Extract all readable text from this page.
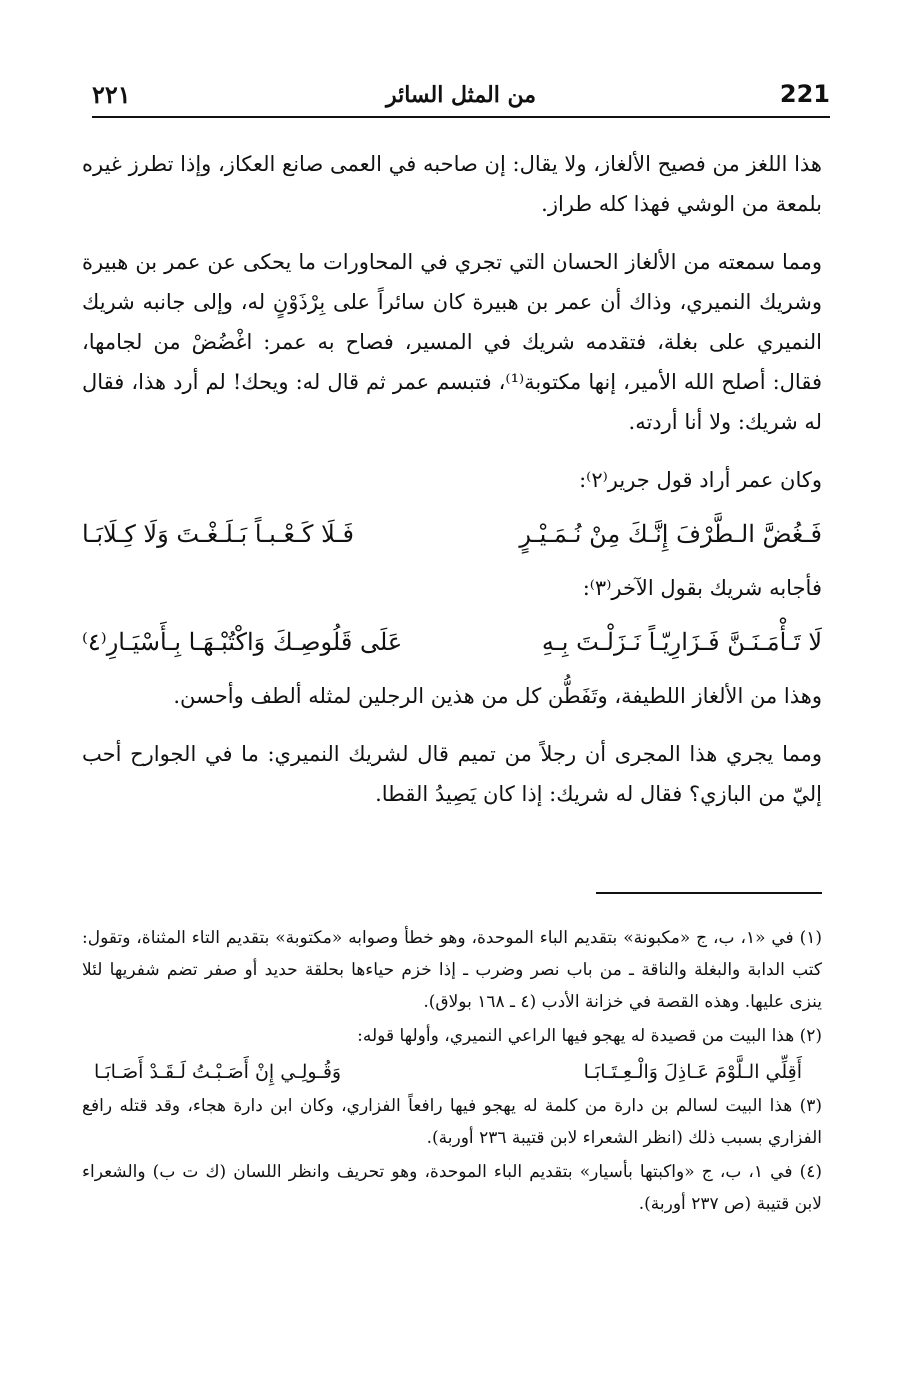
٢٢١	من المثل السائر	221

هذا اللغز من فصيح الألغاز، ولا يقال: إن صاحبه في العمى صانع العكاز، وإذا تطرز غيره بلمعة من الوشي فهذا كله طراز.

ومما سمعته من الألغاز الحسان التي تجري في المحاورات ما يحكى عن عمر بن هبيرة وشريك النميري، وذاك أن عمر بن هبيرة كان سائراً على بِرْذَوْنٍ له، وإلى جانبه شريك النميري على بغلة، فتقدمه شريك في المسير، فصاح به عمر: اغْضُضْ من لجامها، فقال: أصلح الله الأمير، إنها مكتوبة⁽¹⁾، فتبسم عمر ثم قال له: ويحك! لم أرد هذا، فقال له شريك: ولا أنا أردته.

وكان عمر أراد قول جرير⁽٢⁾:

فَـغُضَّ الـطَّرْفَ إِنَّـكَ مِنْ نُـمَـيْـرٍ
فَـلَا كَـعْـبـاً بَـلَـغْـتَ وَلَا كِـلَابَـا

فأجابه شريك بقول الآخر⁽٣⁾:

لَا تَـأْمَـنَـنَّ فَـزَارِيّـاً نَـزَلْـتَ بِـهِ
عَلَى قَلُوصِـكَ وَاكْتُبْـهَـا بِـأَسْيَـارِ⁽٤⁾

وهذا من الألغاز اللطيفة، وتَفَطُّن كل من هذين الرجلين لمثله ألطف وأحسن.

ومما يجري هذا المجرى أن رجلاً من تميم قال لشريك النميري: ما في الجوارح أحب إليّ من البازي؟ فقال له شريك: إذا كان يَصِيدُ القطا.

(١) في «١، ب، ج «مكبونة» بتقديم الباء الموحدة، وهو خطأ وصوابه «مكتوبة» بتقديم التاء المثناة، وتقول: كتب الدابة والبغلة والناقة ـ من باب نصر وضرب ـ إذا خزم حياءها بحلقة حديد أو صفر تضم شفريها لئلا ينزى عليها. وهذه القصة في خزانة الأدب (٤ ـ ١٦٨ بولاق).

(٢) هذا البيت من قصيدة له يهجو فيها الراعي النميري، وأولها قوله:

أَقِلِّي الـلَّوْمَ عَـاذِلَ وَالْـعِـتَـابَـا
وَقُـولِـي إِنْ أَصَـبْـتُ لَـقَـدْ أَصَـابَـا

(٣) هذا البيت لسالم بن دارة من كلمة له يهجو فيها رافعاً الفزاري، وكان ابن دارة هجاء، وقد قتله رافع الفزاري بسبب ذلك (انظر الشعراء لابن قتيبة ٢٣٦ أوربة).

(٤) في ١، ب، ج «واكبتها بأسيار» بتقديم الباء الموحدة، وهو تحريف وانظر اللسان (ك ت ب) والشعراء لابن قتيبة (ص ٢٣٧ أوربة).
